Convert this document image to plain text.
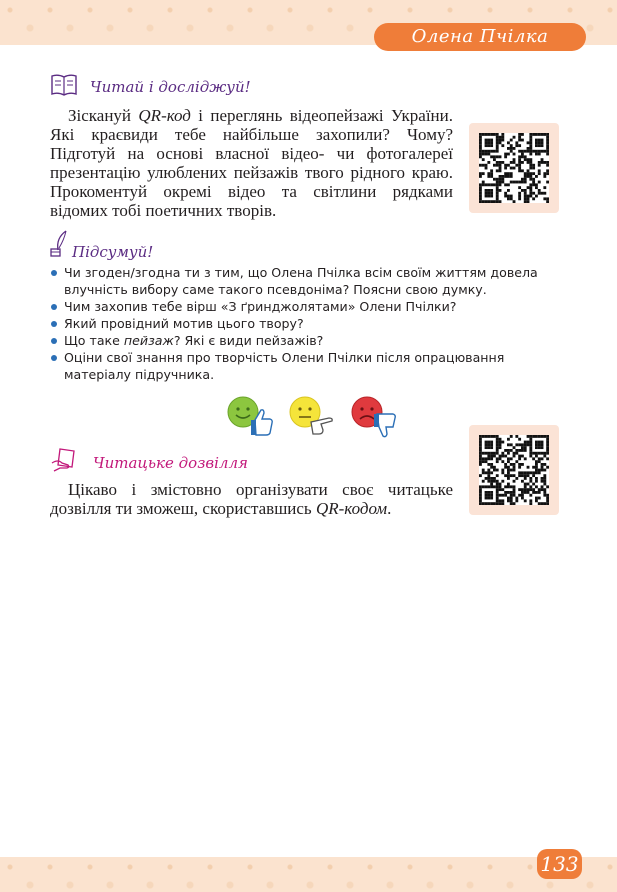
Олена Пчілка
Читай і досліджуй!

Зіскануй QR-код і переглянь відеопейзажі України. Які краєвиди тебе найбільше захопили? Чому? Підготуй на основі власної відео- чи фотогалереї презентацію улюблених пейзажів твого рідного краю. Прокоментуй окремі відео та світлини рядками відомих тобі поетичних творів.

Підсумуй!
Чи згоден/згодна ти з тим, що Олена Пчілка всім своїм життям довела влучність вибору саме такого псевдоніма? Поясни свою думку.
Чим захопив тебе вірш «З ґринджолятами» Олени Пчілки?
Який провідний мотив цього твору?
Що таке пейзаж? Які є види пейзажів?
Оціни свої знання про творчість Олени Пчілки після опрацювання матеріалу підручника.
Читацьке дозвілля

Цікаво і змістовно організувати своє читацьке дозвілля ти зможеш, скориставшись QR-кодом.

133
